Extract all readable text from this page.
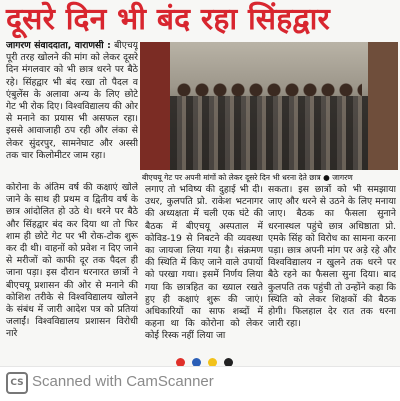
दूसरे दिन भी बंद रहा सिंहद्वार

जागरण संवाददाता, वाराणसी : बीएचयू पूरी तरह खोलने की मांग को लेकर दूसरे दिन मंगलवार को भी छात्र धरने पर बैठे रहे। सिंहद्वार भी बंद रखा तो पैदल व एंबुलेंस के अलावा अन्य के लिए छोटे गेट भी रोक दिए। विश्वविद्यालय की ओर से मनाने का प्रयास भी असफल रहा। इससे आवाजाही ठप रही और लंका से लेकर सुंदरपुर, सामनेघाट और अस्सी तक चार किलोमीटर जाम रहा।

बीएचयू गेट पर अपनी मांगों को लेकर दूसरे दिन भी धरना देते छात्र ● जागरण

कोरोना के अंतिम वर्ष की कक्षाएं खोले जाने के साथ ही प्रथम व द्वितीय वर्ष के छात्र आंदोलित हो उठे थे। धरने पर बैठे और सिंहद्वार बंद कर दिया था तो फिर शाम ही छोटे गेट पर भी रोक-टोक शुरू कर दी थी। वाहनों को प्रवेश न दिए जाने से मरीजों को काफी दूर तक पैदल ही जाना पड़ा। इस दौरान धरनारत छात्रों ने बीएचयू प्रशासन की ओर से मनाने की कोशिश तरीके से विश्वविद्यालय खोलने के संबंध में जारी आदेश पत्र को प्रतियां जलाईं। विश्वविद्यालय प्रशासन विरोधी नारे

लगाए तो भविष्य की दुहाई भी दी। उधर, कुलपति प्रो. राकेश भटनागर की अध्यक्षता में चली एक घंटे की बैठक में बीएचयू अस्पताल में कोविड-19 से निबटने की व्यवस्था का जायजा लिया गया है। संक्रमण की स्थिति में किए जाने वाले उपायों को परखा गया। इसमें निर्णय लिया गया कि छात्रहित का ख्याल रखते हुए ही कक्षाएं शुरू की जाएं। अधिकारियों का साफ शब्दों में कहना था कि कोरोना को लेकर कोई रिस्क नहीं लिया जा

सकता। इस छात्रों को भी समझाया जाए और धरने से उठने के लिए मनाया जाए। बैठक का फैसला सुनाने धरनास्थल पहुंचे छात्र अधिष्ठाता प्रो. एमके सिंह को विरोध का सामना करना पड़ा। छात्र अपनी मांग पर अड़े रहे और विश्वविद्यालय न खुलने तक धरने पर बैठे रहने का फैसला सुना दिया। बाद कुलपति तक पहुंची तो उन्होंने कहा कि स्थिति को लेकर शिक्षकों की बैठक होगी। फिलहाल देर रात तक धरना जारी रहा।

CS Scanned with CamScanner
